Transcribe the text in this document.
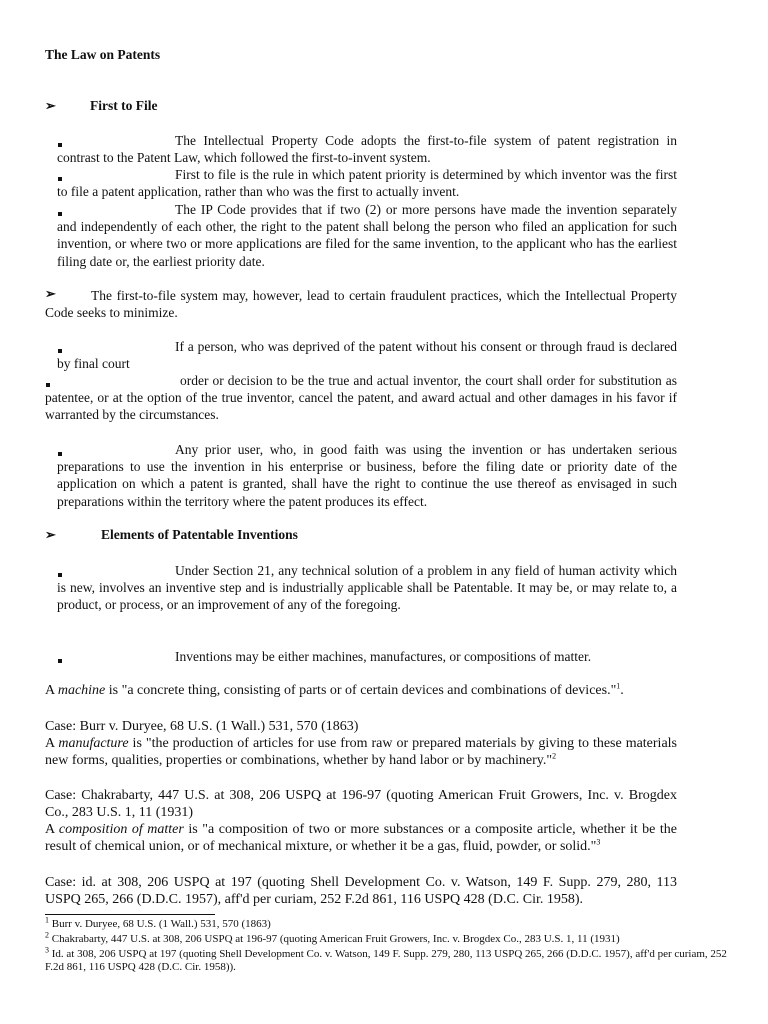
The Law on Patents
➢	First to File
The Intellectual Property Code adopts the first-to-file system of patent registration in contrast to the Patent Law, which followed the first-to-invent system.
First to file is the rule in which patent priority is determined by which inventor was the first to file a patent application, rather than who was the first to actually invent.
The IP Code provides that if two (2) or more persons have made the invention separately and independently of each other, the right to the patent shall belong the person who filed an application for such invention, or where two or more applications are filed for the same invention, to the applicant who has the earliest filing date or, the earliest priority date.
➢	The first-to-file system may, however, lead to certain fraudulent practices, which the Intellectual Property Code seeks to minimize.
If a person, who was deprived of the patent without his consent or through fraud is declared by final court
order or decision to be the true and actual inventor, the court shall order for substitution as patentee, or at the option of the true inventor, cancel the patent, and award actual and other damages in his favor if warranted by the circumstances.
Any prior user, who, in good faith was using the invention or has undertaken serious preparations to use the invention in his enterprise or business, before the filing date or priority date of the application on which a patent is granted, shall have the right to continue the use thereof as envisaged in such preparations within the territory where the patent produces its effect.
➢	Elements of Patentable Inventions
Under Section 21, any technical solution of a problem in any field of human activity which is new, involves an inventive step and is industrially applicable shall be Patentable. It may be, or may relate to, a product, or process, or an improvement of any of the foregoing.
Inventions may be either machines, manufactures, or compositions of matter.
A machine is "a concrete thing, consisting of parts or of certain devices and combinations of devices."$^1$.
Case: Burr v. Duryee, 68 U.S. (1 Wall.) 531, 570 (1863)
A manufacture is "the production of articles for use from raw or prepared materials by giving to these materials new forms, qualities, properties or combinations, whether by hand labor or by machinery."$^2$
Case: Chakrabarty, 447 U.S. at 308, 206 USPQ at 196-97 (quoting American Fruit Growers, Inc. v. Brogdex Co., 283 U.S. 1, 11 (1931)
A composition of matter is "a composition of two or more substances or a composite article, whether it be the result of chemical union, or of mechanical mixture, or whether it be a gas, fluid, powder, or solid."$^3$
Case: id. at 308, 206 USPQ at 197 (quoting Shell Development Co. v. Watson, 149 F. Supp. 279, 280, 113 USPQ 265, 266 (D.D.C. 1957), aff'd per curiam, 252 F.2d 861, 116 USPQ 428 (D.C. Cir. 1958).
$^1$ Burr v. Duryee, 68 U.S. (1 Wall.) 531, 570 (1863)
$^2$ Chakrabarty, 447 U.S. at 308, 206 USPQ at 196-97 (quoting American Fruit Growers, Inc. v. Brogdex Co., 283 U.S. 1, 11 (1931)
$^3$ Id. at 308, 206 USPQ at 197 (quoting Shell Development Co. v. Watson, 149 F. Supp. 279, 280, 113 USPQ 265, 266 (D.D.C. 1957), aff'd per curiam, 252 F.2d 861, 116 USPQ 428 (D.C. Cir. 1958)).
